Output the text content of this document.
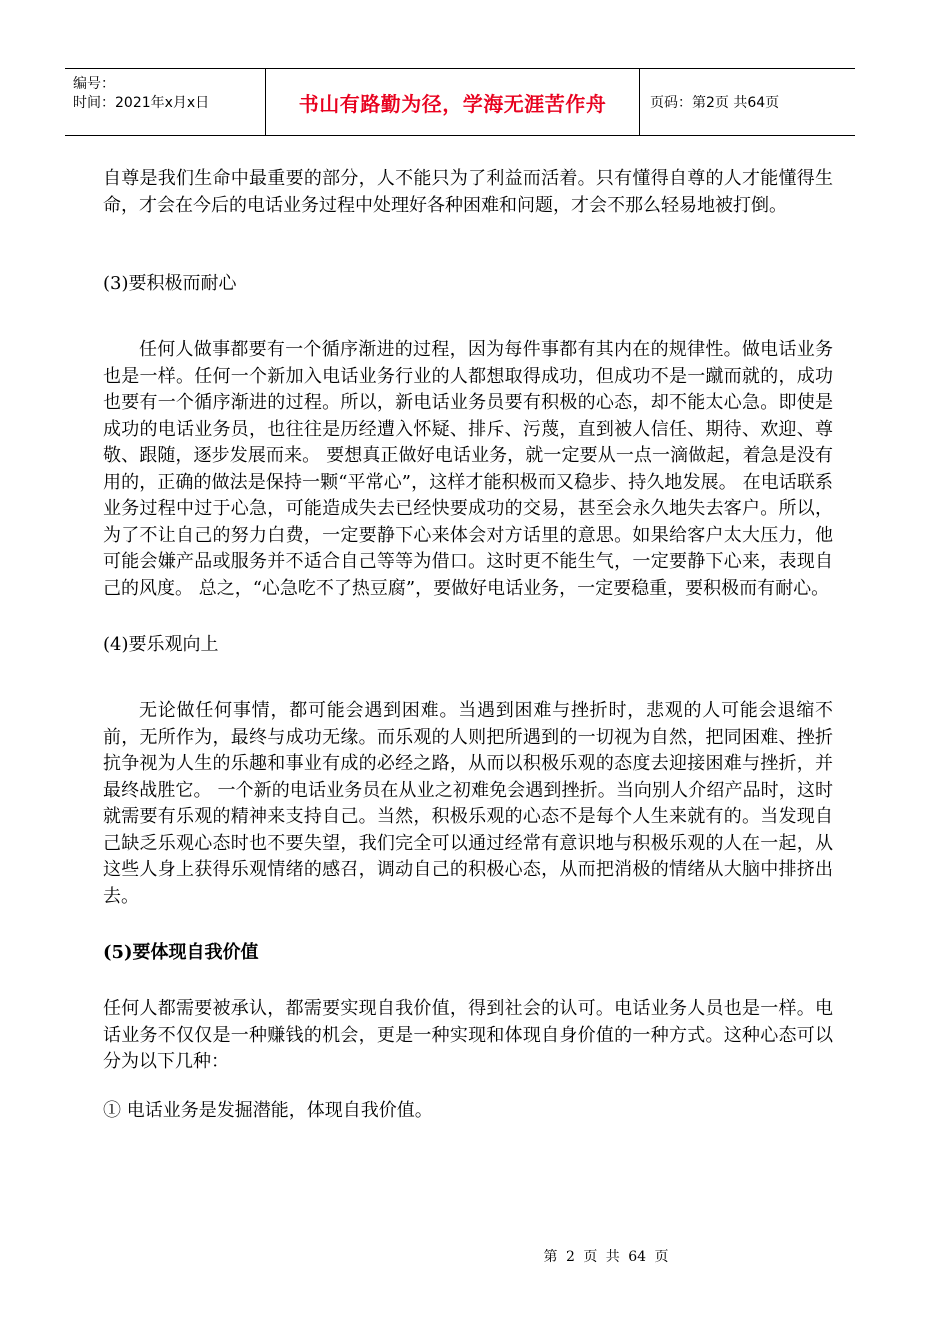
编号：
时间：2021年x月x日	书山有路勤为径，学海无涯苦作舟	页码：第2页 共64页

自尊是我们生命中最重要的部分，人不能只为了利益而活着。只有懂得自尊的人才能懂得生命，才会在今后的电话业务过程中处理好各种困难和问题，才会不那么轻易地被打倒。

(3)要积极而耐心

任何人做事都要有一个循序渐进的过程，因为每件事都有其内在的规律性。做电话业务也是一样。任何一个新加入电话业务行业的人都想取得成功，但成功不是一蹴而就的，成功也要有一个循序渐进的过程。所以，新电话业务员要有积极的心态，却不能太心急。即使是成功的电话业务员，也往往是历经遭入怀疑、排斥、污蔑，直到被人信任、期待、欢迎、尊敬、跟随，逐步发展而来。 要想真正做好电话业务，就一定要从一点一滴做起，着急是没有用的，正确的做法是保持一颗“平常心”，这样才能积极而又稳步、持久地发展。 在电话联系业务过程中过于心急，可能造成失去已经快要成功的交易，甚至会永久地失去客户。所以，为了不让自己的努力白费，一定要静下心来体会对方话里的意思。如果给客户太大压力，他可能会嫌产品或服务并不适合自己等等为借口。这时更不能生气，一定要静下心来，表现自己的风度。 总之，“心急吃不了热豆腐”，要做好电话业务，一定要稳重，要积极而有耐心。

(4)要乐观向上

无论做任何事情，都可能会遇到困难。当遇到困难与挫折时，悲观的人可能会退缩不前，无所作为，最终与成功无缘。而乐观的人则把所遇到的一切视为自然，把同困难、挫折抗争视为人生的乐趣和事业有成的必经之路，从而以积极乐观的态度去迎接困难与挫折，并最终战胜它。 一个新的电话业务员在从业之初难免会遇到挫折。当向别人介绍产品时，这时就需要有乐观的精神来支持自己。当然，积极乐观的心态不是每个人生来就有的。当发现自己缺乏乐观心态时也不要失望，我们完全可以通过经常有意识地与积极乐观的人在一起，从这些人身上获得乐观情绪的感召，调动自己的积极心态，从而把消极的情绪从大脑中排挤出去。

(5)要体现自我价值

任何人都需要被承认，都需要实现自我价值，得到社会的认可。电话业务人员也是一样。电话业务不仅仅是一种赚钱的机会，更是一种实现和体现自身价值的一种方式。这种心态可以分为以下几种：

① 电话业务是发掘潜能，体现自我价值。

第 2 页 共 64 页
